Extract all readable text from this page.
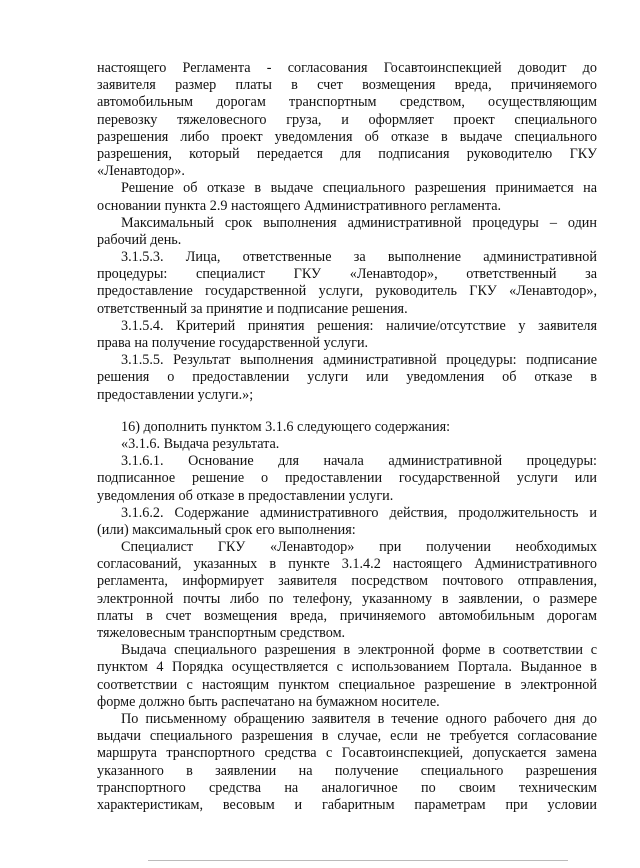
настоящего Регламента - согласования Госавтоинспекцией доводит до
заявителя размер платы в счет возмещения вреда, причиняемого
автомобильным дорогам транспортным средством, осуществляющим
перевозку тяжеловесного груза, и оформляет проект специального
разрешения либо проект уведомления об отказе в выдаче специального
разрешения, который передается для подписания руководителю ГКУ
«Ленавтодор».
Решение об отказе в выдаче специального разрешения принимается на
основании пункта 2.9 настоящего Административного регламента.
Максимальный срок выполнения административной процедуры – один
рабочий день.
3.1.5.3. Лица, ответственные за выполнение административной
процедуры: специалист ГКУ «Ленавтодор», ответственный за
предоставление государственной услуги, руководитель ГКУ «Ленавтодор»,
ответственный за принятие и подписание решения.
3.1.5.4. Критерий принятия решения: наличие/отсутствие у заявителя
права на получение государственной услуги.
3.1.5.5. Результат выполнения административной процедуры: подписание
решения о предоставлении услуги или уведомления об отказе в
предоставлении услуги.»;
16) дополнить пунктом 3.1.6 следующего содержания:
«3.1.6. Выдача результата.
3.1.6.1. Основание для начала административной процедуры:
подписанное решение о предоставлении государственной услуги или
уведомления об отказе в предоставлении услуги.
3.1.6.2. Содержание административного действия, продолжительность и
(или) максимальный срок его выполнения:
Специалист ГКУ «Ленавтодор» при получении необходимых
согласований, указанных в пункте 3.1.4.2 настоящего Административного
регламента, информирует заявителя посредством почтового отправления,
электронной почты либо по телефону, указанному в заявлении, о размере
платы в счет возмещения вреда, причиняемого автомобильным дорогам
тяжеловесным транспортным средством.
Выдача специального разрешения в электронной форме в соответствии с
пунктом 4 Порядка осуществляется с использованием Портала. Выданное в
соответствии с настоящим пунктом специальное разрешение в электронной
форме должно быть распечатано на бумажном носителе.
По письменному обращению заявителя в течение одного рабочего дня до
выдачи специального разрешения в случае, если не требуется согласование
маршрута транспортного средства с Госавтоинспекцией, допускается замена
указанного в заявлении на получение специального разрешения
транспортного средства на аналогичное по своим техническим
характеристикам, весовым и габаритным параметрам при условии
